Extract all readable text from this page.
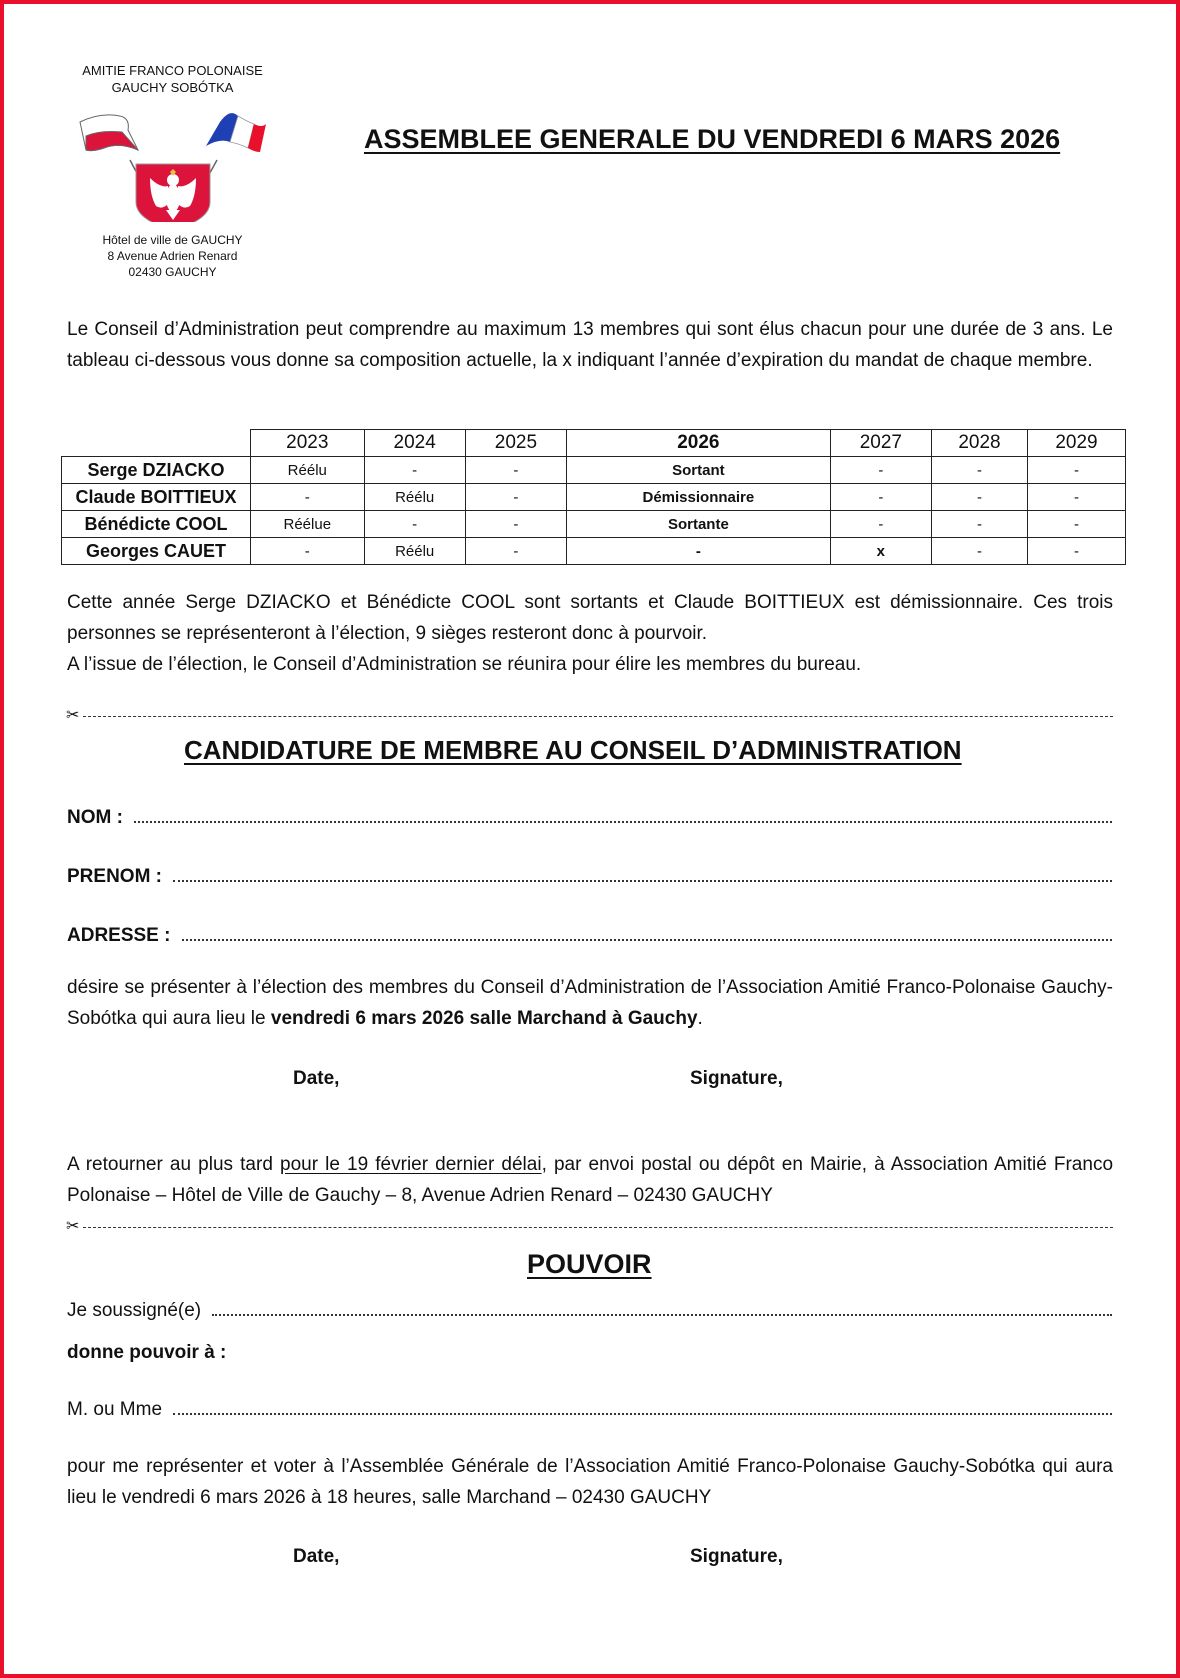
AMITIE FRANCO POLONAISE
GAUCHY SOBÓTKA
Hôtel de ville de GAUCHY
8 Avenue Adrien Renard
02430 GAUCHY
ASSEMBLEE GENERALE DU VENDREDI 6 MARS 2026
Le Conseil d’Administration peut comprendre au maximum 13 membres qui sont élus chacun pour une durée de 3 ans. Le tableau ci-dessous vous donne sa composition actuelle, la x indiquant l’année d’expiration du mandat de chaque membre.
	2023	2024	2025	2026	2027	2028	2029
Serge DZIACKO	Réélu	-	-	Sortant	-	-	-
Claude BOITTIEUX	-	Réélu	-	Démissionnaire	-	-	-
Bénédicte COOL	Réélue	-	-	Sortante	-	-	-
Georges CAUET	-	Réélu	-	-	x	-	-
Cette année Serge DZIACKO et Bénédicte COOL sont sortants et Claude BOITTIEUX est démissionnaire. Ces trois personnes se représenteront à l’élection, 9 sièges resteront donc à pourvoir.
A l’issue de l’élection, le Conseil d’Administration se réunira pour élire les membres du bureau.
✂
CANDIDATURE DE MEMBRE AU CONSEIL D’ADMINISTRATION
NOM :
PRENOM :
ADRESSE :
désire se présenter à l’élection des membres du Conseil d’Administration de l’Association Amitié Franco-Polonaise Gauchy-Sobótka qui aura lieu le vendredi 6 mars 2026 salle Marchand à Gauchy.
Date,	Signature,
A retourner au plus tard pour le 19 février dernier délai, par envoi postal ou dépôt en Mairie, à Association Amitié Franco Polonaise – Hôtel de Ville de Gauchy – 8, Avenue Adrien Renard – 02430 GAUCHY
✂
POUVOIR
Je soussigné(e)
donne pouvoir à :
M. ou Mme
pour me représenter et voter à l’Assemblée Générale de l’Association Amitié Franco-Polonaise Gauchy-Sobótka qui aura lieu le vendredi 6 mars 2026 à 18 heures, salle Marchand – 02430 GAUCHY
Date,	Signature,
